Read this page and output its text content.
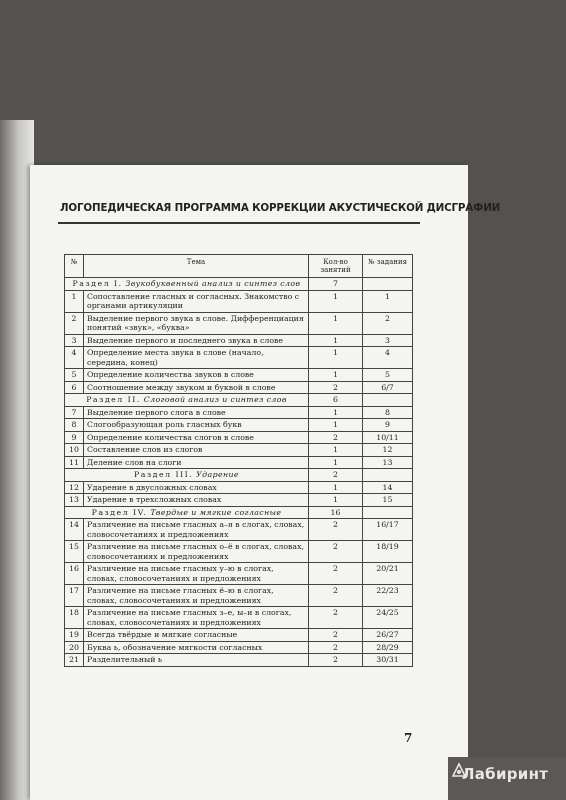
ЛОГОПЕДИЧЕСКАЯ ПРОГРАММА КОРРЕКЦИИ АКУСТИЧЕСКОЙ ДИСГРАФИИ
№	Тема	Кол-во занятий	№ задания
Раздел I. Звукобуквенный анализ и синтез слов		7	
1	Сопоставление гласных и согласных. Знакомство с органами артикуляции	1	1
2	Выделение первого звука в слове. Дифференциация понятий «звук», «буква»	1	2
3	Выделение первого и последнего звука в слове	1	3
4	Определение места звука в слове (начало, середина, конец)	1	4
5	Определение количества звуков в слове	1	5
6	Соотношение между звуком и буквой в слове	2	6/7
Раздел II. Слоговой анализ и синтез слов		6	
7	Выделение первого слога в слове	1	8
8	Слогообразующая роль гласных букв	1	9
9	Определение количества слогов в слове	2	10/11
10	Составление слов из слогов	1	12
11	Деление слов на слоги	1	13
Раздел III. Ударение		2	
12	Ударение в двусложных словах	1	14
13	Ударение в трехсложных словах	1	15
Раздел IV. Твердые и мягкие согласные		16	
14	Различение на письме гласных а–я в слогах, словах, словосочетаниях и предложениях	2	16/17
15	Различение на письме гласных о–ё в слогах, словах, словосочетаниях и предложениях	2	18/19
16	Различение на письме гласных у–ю в слогах, словах, словосочетаниях и предложениях	2	20/21
17	Различение на письме гласных ё–ю в слогах, словах, словосочетаниях и предложениях	2	22/23
18	Различение на письме гласных з–е, ы–и в слогах, словах, словосочетаниях и предложениях	2	24/25
19	Всегда твёрдые и мягкие согласные	2	26/27
20	Буква ь, обозначение мягкости согласных	2	28/29
21	Разделительный ь	2	30/31
7
Лабиринт
